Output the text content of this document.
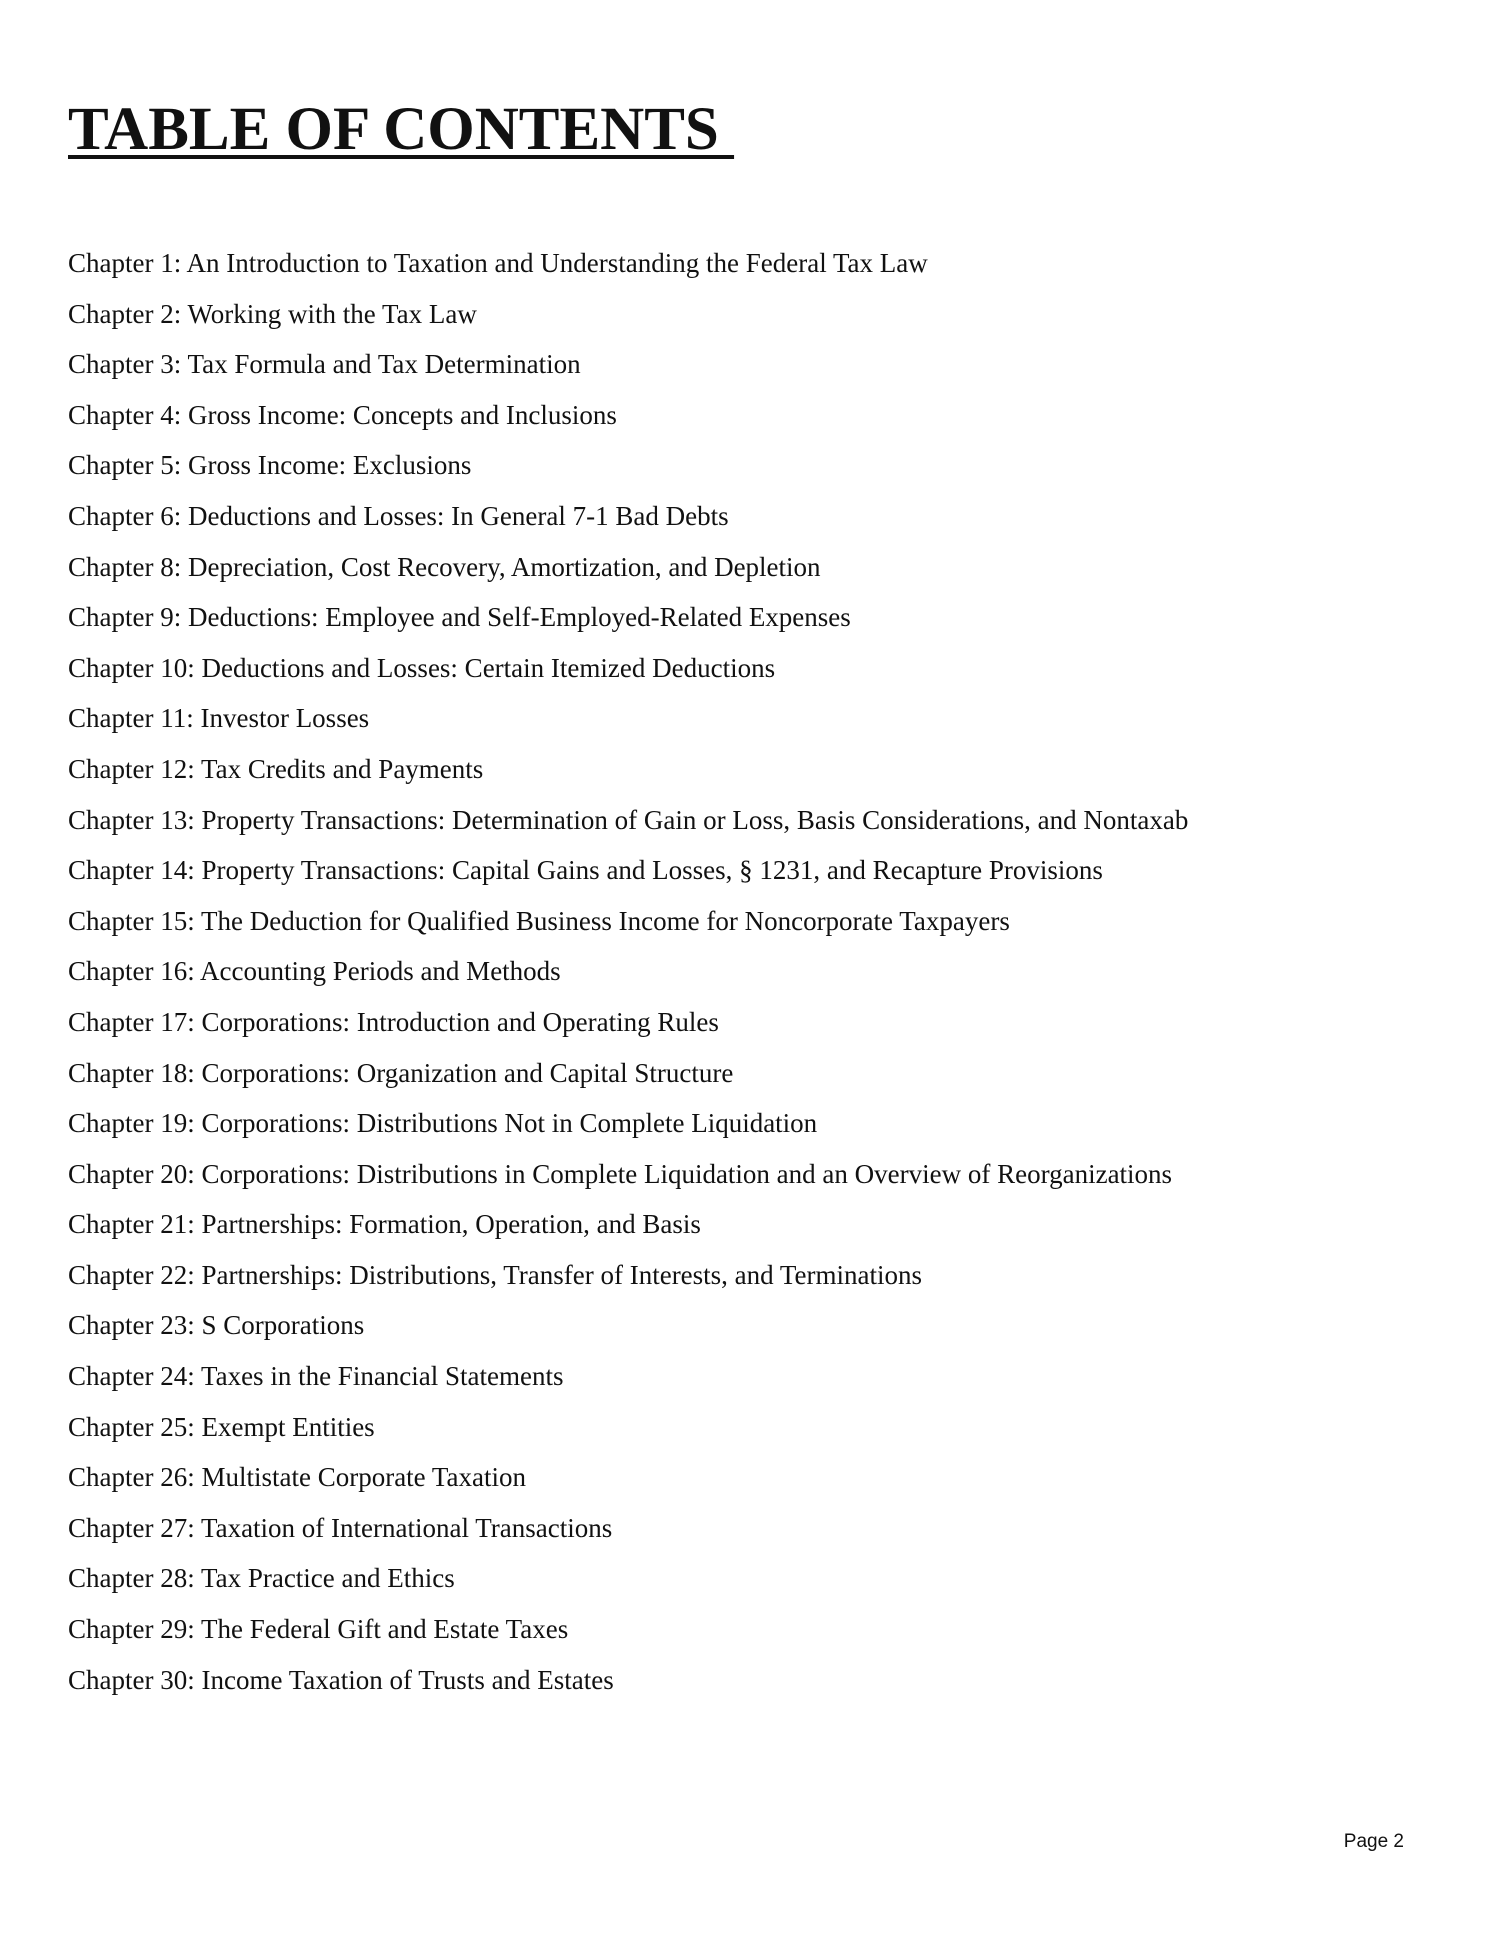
TABLE OF CONTENTS
Chapter 1: An Introduction to Taxation and Understanding the Federal Tax Law
Chapter 2: Working with the Tax Law
Chapter 3: Tax Formula and Tax Determination
Chapter 4: Gross Income: Concepts and Inclusions
Chapter 5: Gross Income: Exclusions
Chapter 6: Deductions and Losses: In General 7-1 Bad Debts
Chapter 8: Depreciation, Cost Recovery, Amortization, and Depletion
Chapter 9: Deductions: Employee and Self-Employed-Related Expenses
Chapter 10: Deductions and Losses: Certain Itemized Deductions
Chapter 11: Investor Losses
Chapter 12: Tax Credits and Payments
Chapter 13: Property Transactions: Determination of Gain or Loss, Basis Considerations, and Nontaxab
Chapter 14: Property Transactions: Capital Gains and Losses, § 1231, and Recapture Provisions
Chapter 15: The Deduction for Qualified Business Income for Noncorporate Taxpayers
Chapter 16: Accounting Periods and Methods
Chapter 17: Corporations: Introduction and Operating Rules
Chapter 18: Corporations: Organization and Capital Structure
Chapter 19: Corporations: Distributions Not in Complete Liquidation
Chapter 20: Corporations: Distributions in Complete Liquidation and an Overview of Reorganizations
Chapter 21: Partnerships: Formation, Operation, and Basis
Chapter 22: Partnerships: Distributions, Transfer of Interests, and Terminations
Chapter 23: S Corporations
Chapter 24: Taxes in the Financial Statements
Chapter 25: Exempt Entities
Chapter 26: Multistate Corporate Taxation
Chapter 27: Taxation of International Transactions
Chapter 28: Tax Practice and Ethics
Chapter 29: The Federal Gift and Estate Taxes
Chapter 30: Income Taxation of Trusts and Estates
Page 2
